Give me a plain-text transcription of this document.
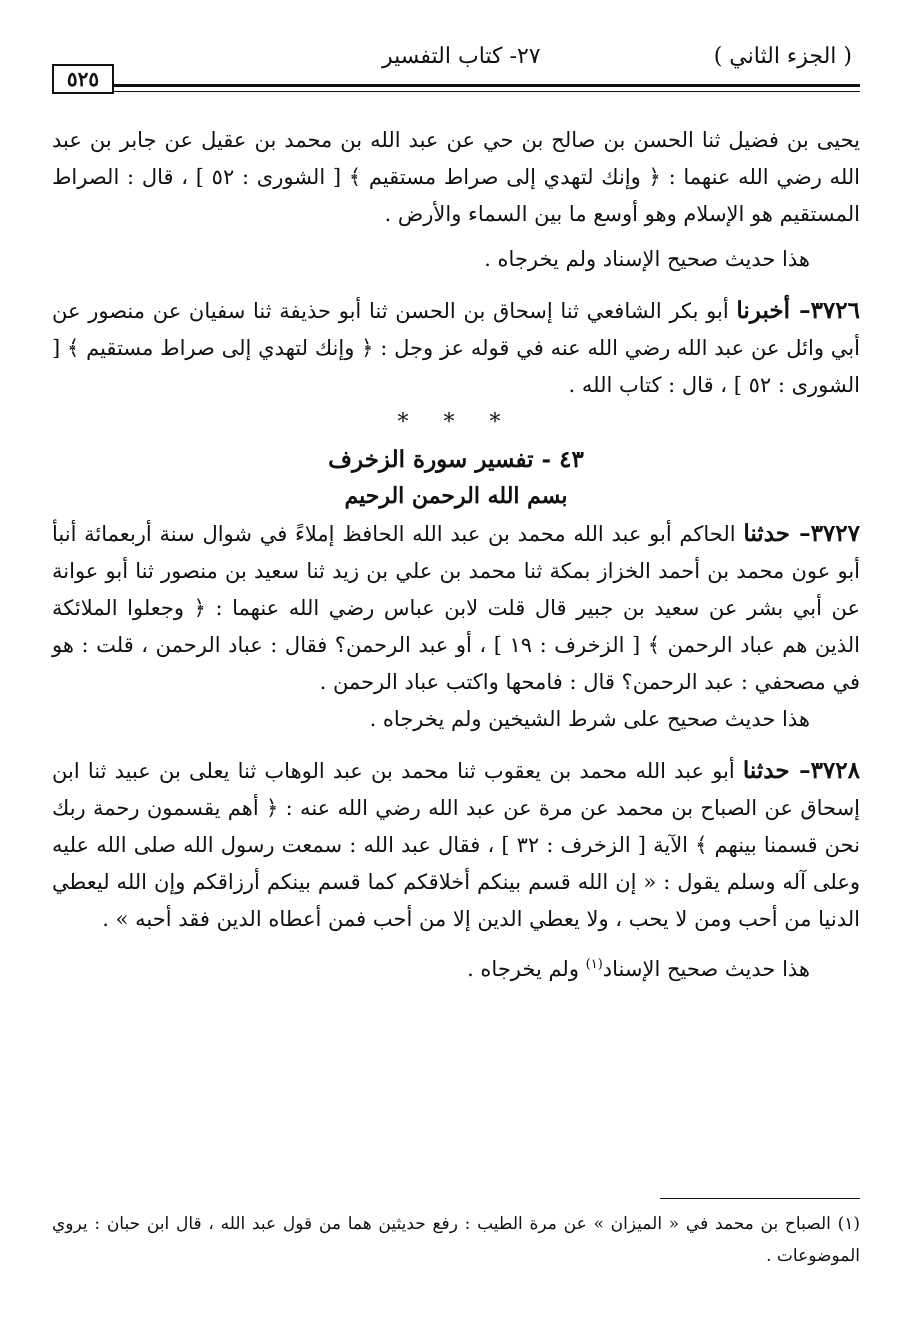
( الجزء الثاني )
٢٧- كتاب التفسير
٥٢٥

يحيى بن فضيل ثنا الحسن بن صالح بن حي عن عبد الله بن محمد بن عقيل عن جابر بن عبد الله رضي الله عنهما : ﴿ وإنك لتهدي إلى صراط مستقيم ﴾ [ الشورى : ٥٢ ] ، قال : الصراط المستقيم هو الإسلام وهو أوسع ما بين السماء والأرض .

هذا حديث صحيح الإسناد ولم يخرجاه .

٣٧٢٦– أخبرنا أبو بكر الشافعي ثنا إسحاق بن الحسن ثنا أبو حذيفة ثنا سفيان عن منصور عن أبي وائل عن عبد الله رضي الله عنه في قوله عز وجل : ﴿ وإنك لتهدي إلى صراط مستقيم ﴾ [ الشورى : ٥٢ ] ، قال : كتاب الله .

* * *

٤٣ - تفسير سورة الزخرف

بسم الله الرحمن الرحيم

٣٧٢٧– حدثنا الحاكم أبو عبد الله محمد بن عبد الله الحافظ إملاءً في شوال سنة أربعمائة أنبأ أبو عون محمد بن أحمد الخزاز بمكة ثنا محمد بن علي بن زيد ثنا سعيد بن منصور ثنا أبو عوانة عن أبي بشر عن سعيد بن جبير قال قلت لابن عباس رضي الله عنهما : ﴿ وجعلوا الملائكة الذين هم عباد الرحمن ﴾ [ الزخرف : ١٩ ] ، أو عبد الرحمن؟ فقال : عباد الرحمن ، قلت : هو في مصحفي : عبد الرحمن؟ قال : فامحها واكتب عباد الرحمن .

هذا حديث صحيح على شرط الشيخين ولم يخرجاه .

٣٧٢٨– حدثنا أبو عبد الله محمد بن يعقوب ثنا محمد بن عبد الوهاب ثنا يعلى بن عبيد ثنا ابن إسحاق عن الصباح بن محمد عن مرة عن عبد الله رضي الله عنه : ﴿ أهم يقسمون رحمة ربك نحن قسمنا بينهم ﴾ الآية [ الزخرف : ٣٢ ] ، فقال عبد الله : سمعت رسول الله صلى الله عليه وعلى آله وسلم يقول : « إن الله قسم بينكم أخلاقكم كما قسم بينكم أرزاقكم وإن الله ليعطي الدنيا من أحب ومن لا يحب ، ولا يعطي الدين إلا من أحب فمن أعطاه الدين فقد أحبه » .

هذا حديث صحيح الإسناد$^{(١)}$ ولم يخرجاه .

(١) الصباح بن محمد في « الميزان » عن مرة الطيب : رفع حديثين هما من قول عبد الله ، قال ابن حبان : يروي الموضوعات .
